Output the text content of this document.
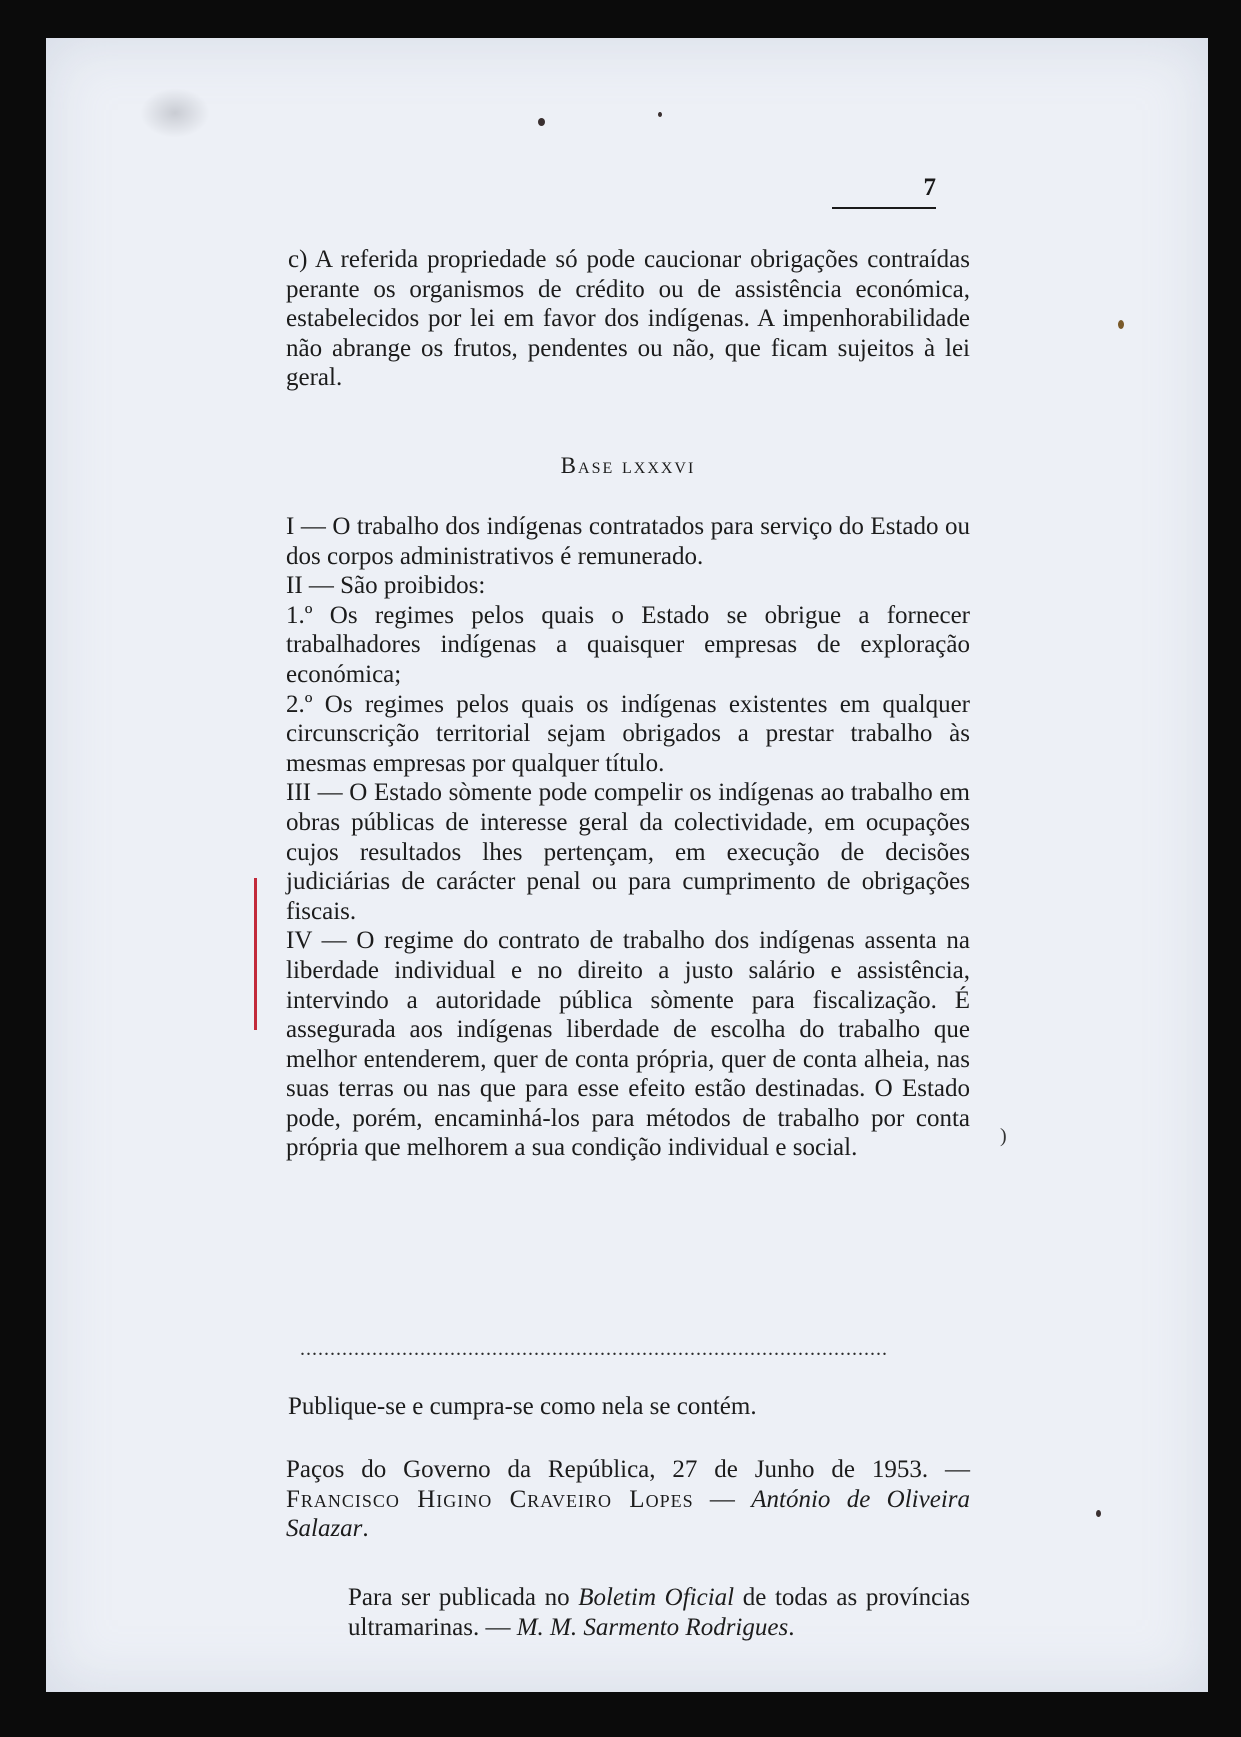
7

c) A referida propriedade só pode caucionar obrigações contraídas perante os organismos de crédito ou de assistência económica, estabelecidos por lei em favor dos indígenas. A impenhorabilidade não abrange os frutos, pendentes ou não, que ficam sujeitos à lei geral.

Base lxxxvi

I — O trabalho dos indígenas contratados para serviço do Estado ou dos corpos administrativos é remunerado.

II — São proibidos:

1.º Os regimes pelos quais o Estado se obrigue a fornecer trabalhadores indígenas a quaisquer empresas de exploração económica;

2.º Os regimes pelos quais os indígenas existentes em qualquer circunscrição territorial sejam obrigados a prestar trabalho às mesmas empresas por qualquer título.

III — O Estado sòmente pode compelir os indígenas ao trabalho em obras públicas de interesse geral da colectividade, em ocupações cujos resultados lhes pertençam, em execução de decisões judiciárias de carácter penal ou para cumprimento de obrigações fiscais.

IV — O regime do contrato de trabalho dos indígenas assenta na liberdade individual e no direito a justo salário e assistência, intervindo a autoridade pública sòmente para fiscalização. É assegurada aos indígenas liberdade de escolha do trabalho que melhor entenderem, quer de conta própria, quer de conta alheia, nas suas terras ou nas que para esse efeito estão destinadas. O Estado pode, porém, encaminhá-los para métodos de trabalho por conta própria que melhorem a sua condição individual e social.	)
..................................................................................................
Publique-se e cumpra-se como nela se contém.

Paços do Governo da República, 27 de Junho de 1953. — Francisco Higino Craveiro Lopes — António de Oliveira Salazar.

Para ser publicada no Boletim Oficial de todas as províncias ultramarinas. — M. M. Sarmento Rodrigues.
